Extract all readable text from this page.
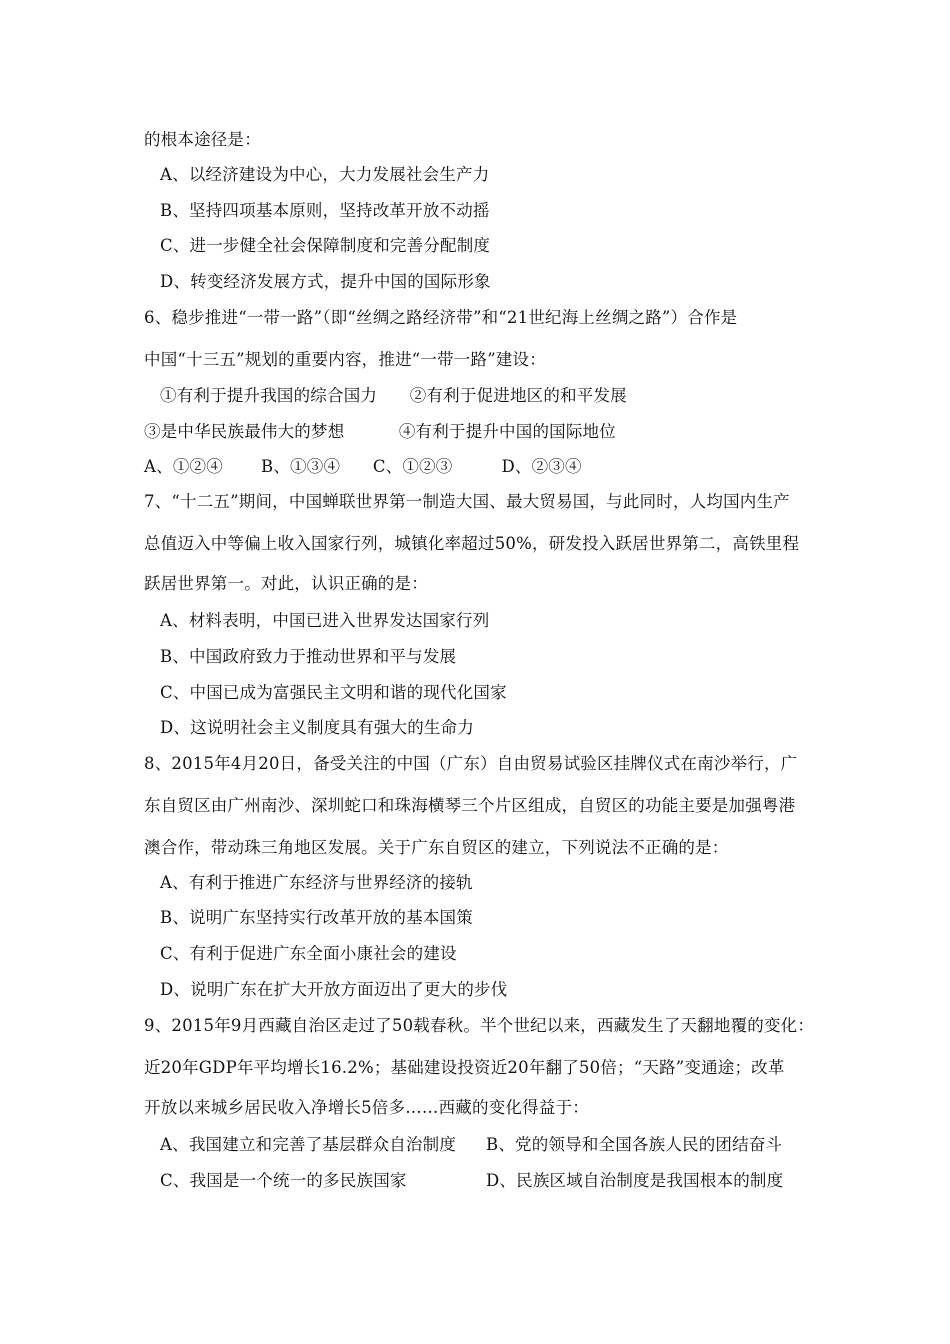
的根本途径是：
A、以经济建设为中心，大力发展社会生产力
B、坚持四项基本原则，坚持改革开放不动摇
C、进一步健全社会保障制度和完善分配制度
D、转变经济发展方式，提升中国的国际形象
6、稳步推进“一带一路”（即“丝绸之路经济带”和“21世纪海上丝绸之路”）合作是
中国“十三五”规划的重要内容，推进“一带一路”建设：
①有利于提升我国的综合国力      ②有利于促进地区的和平发展
③是中华民族最伟大的梦想          ④有利于提升中国的国际地位
A、①②④       B、①③④      C、①②③         D、②③④
7、“十二五”期间，中国蝉联世界第一制造大国、最大贸易国，与此同时，人均国内生产
总值迈入中等偏上收入国家行列，城镇化率超过50%，研发投入跃居世界第二，高铁里程
跃居世界第一。对此，认识正确的是：
A、材料表明，中国已进入世界发达国家行列
B、中国政府致力于推动世界和平与发展
C、中国已成为富强民主文明和谐的现代化国家
D、这说明社会主义制度具有强大的生命力
8、2015年4月20日，备受关注的中国（广东）自由贸易试验区挂牌仪式在南沙举行，广
东自贸区由广州南沙、深圳蛇口和珠海横琴三个片区组成，自贸区的功能主要是加强粤港
澳合作，带动珠三角地区发展。关于广东自贸区的建立，下列说法不正确的是：
A、有利于推进广东经济与世界经济的接轨
B、说明广东坚持实行改革开放的基本国策
C、有利于促进广东全面小康社会的建设
D、说明广东在扩大开放方面迈出了更大的步伐
9、2015年9月西藏自治区走过了50载春秋。半个世纪以来，西藏发生了天翻地覆的变化：
近20年GDP年平均增长16.2%；基础建设投资近20年翻了50倍；“天路”变通途；改革
开放以来城乡居民收入净增长5倍多……西藏的变化得益于：
A、我国建立和完善了基层群众自治制度 B、党的领导和全国各族人民的团结奋斗
C、我国是一个统一的多民族国家	D、民族区域自治制度是我国根本的制度
